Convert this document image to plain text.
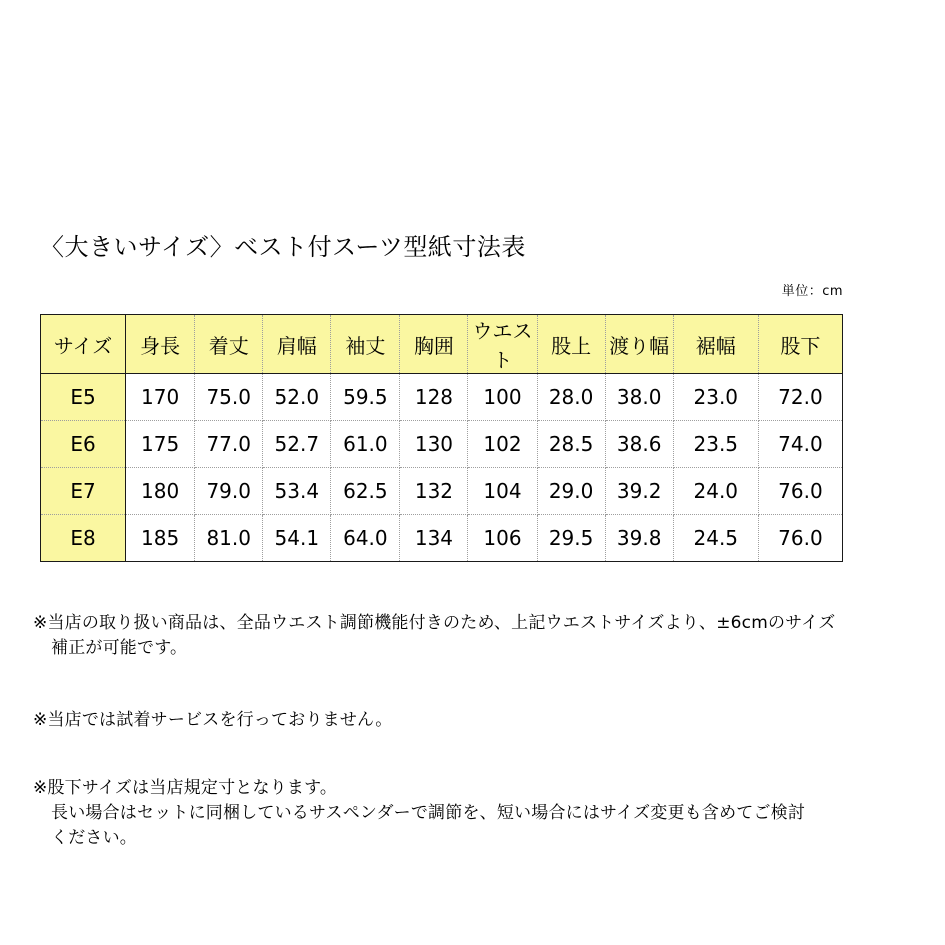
〈大きいサイズ〉ベスト付スーツ型紙寸法表
単位：cm
サイズ	身長	着丈	肩幅	袖丈	胸囲	ウエスト	股上	渡り幅	裾幅	股下
E5	170	75.0	52.0	59.5	128	100	28.0	38.0	23.0	72.0
E6	175	77.0	52.7	61.0	130	102	28.5	38.6	23.5	74.0
E7	180	79.0	53.4	62.5	132	104	29.0	39.2	24.0	76.0
E8	185	81.0	54.1	64.0	134	106	29.5	39.8	24.5	76.0
※当店の取り扱い商品は、全品ウエスト調節機能付きのため、上記ウエストサイズより、±6cmのサイズ
補正が可能です。
※当店では試着サービスを行っておりません。
※股下サイズは当店規定寸となります。
長い場合はセットに同梱しているサスペンダーで調節を、短い場合にはサイズ変更も含めてご検討
ください。
